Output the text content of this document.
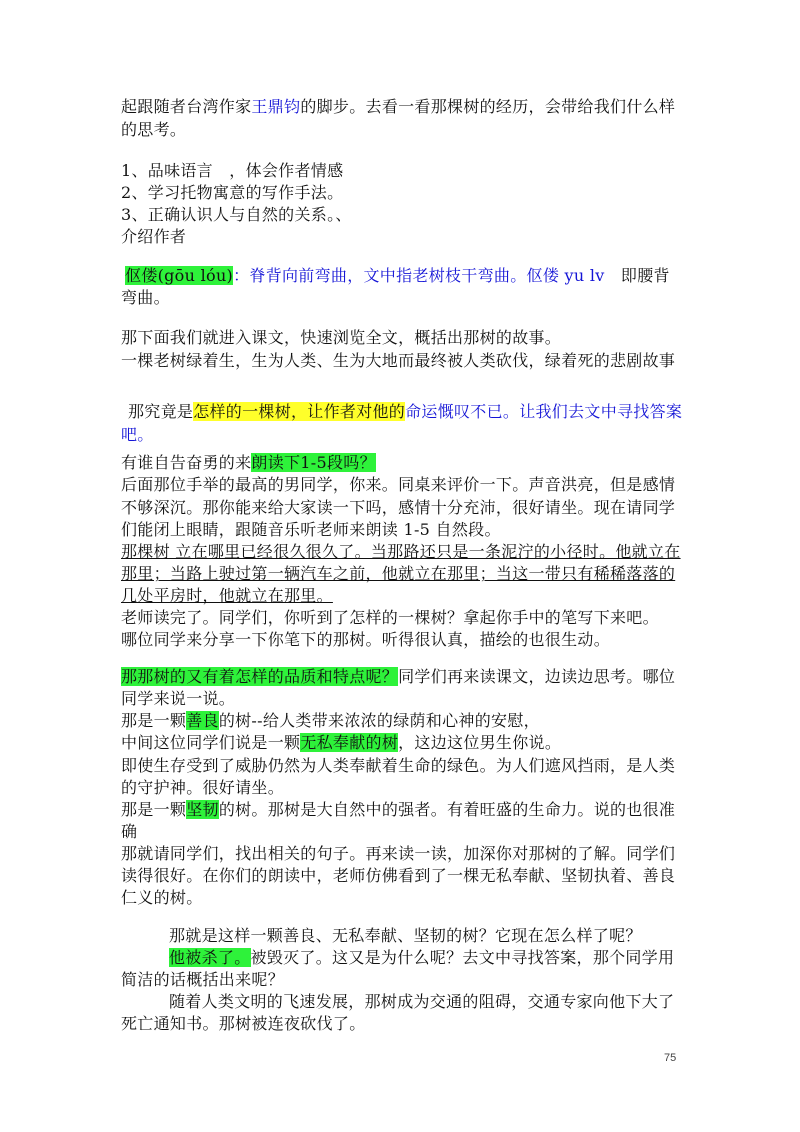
起跟随者台湾作家王鼎钧的脚步。去看一看那棵树的经历，会带给我们什么样
的思考。
1、品味语言　，体会作者情感
2、学习托物寓意的写作手法。
3、正确认识人与自然的关系。、
介绍作者
伛偻(gōu lóu)：脊背向前弯曲，文中指老树枝干弯曲。伛偻 yu lv　即腰背
弯曲。
那下面我们就进入课文，快速浏览全文，概括出那树的故事。
一棵老树绿着生，生为人类、生为大地而最终被人类砍伐，绿着死的悲剧故事
那究竟是怎样的一棵树，让作者对他的命运慨叹不已。让我们去文中寻找答案
吧。
有谁自告奋勇的来朗读下1-5段吗？
后面那位手举的最高的男同学，你来。同桌来评价一下。声音洪亮，但是感情
不够深沉。那你能来给大家读一下吗，感情十分充沛，很好请坐。现在请同学
们能闭上眼睛，跟随音乐听老师来朗读 1-5 自然段。
那棵树 立在哪里已经很久很久了。当那路还只是一条泥泞的小径时。他就立在
那里；当路上驶过第一辆汽车之前，他就立在那里；当这一带只有稀稀落落的
几处平房时，他就立在那里。
老师读完了。同学们，你听到了怎样的一棵树？拿起你手中的笔写下来吧。
哪位同学来分享一下你笔下的那树。听得很认真，描绘的也很生动。
那那树的又有着怎样的品质和特点呢？同学们再来读课文，边读边思考。哪位
同学来说一说。
那是一颗善良的树--给人类带来浓浓的绿荫和心神的安慰，
中间这位同学们说是一颗无私奉献的树，这边这位男生你说。
即使生存受到了威胁仍然为人类奉献着生命的绿色。为人们遮风挡雨，是人类
的守护神。很好请坐。
那是一颗坚韧的树。那树是大自然中的强者。有着旺盛的生命力。说的也很准
确
那就请同学们，找出相关的句子。再来读一读，加深你对那树的了解。同学们
读得很好。在你们的朗读中，老师仿佛看到了一棵无私奉献、坚韧执着、善良
仁义的树。
那就是这样一颗善良、无私奉献、坚韧的树？它现在怎么样了呢？
他被杀了。被毁灭了。这又是为什么呢？去文中寻找答案，那个同学用
简洁的话概括出来呢？
随着人类文明的飞速发展，那树成为交通的阻碍，交通专家向他下大了
死亡通知书。那树被连夜砍伐了。
75
